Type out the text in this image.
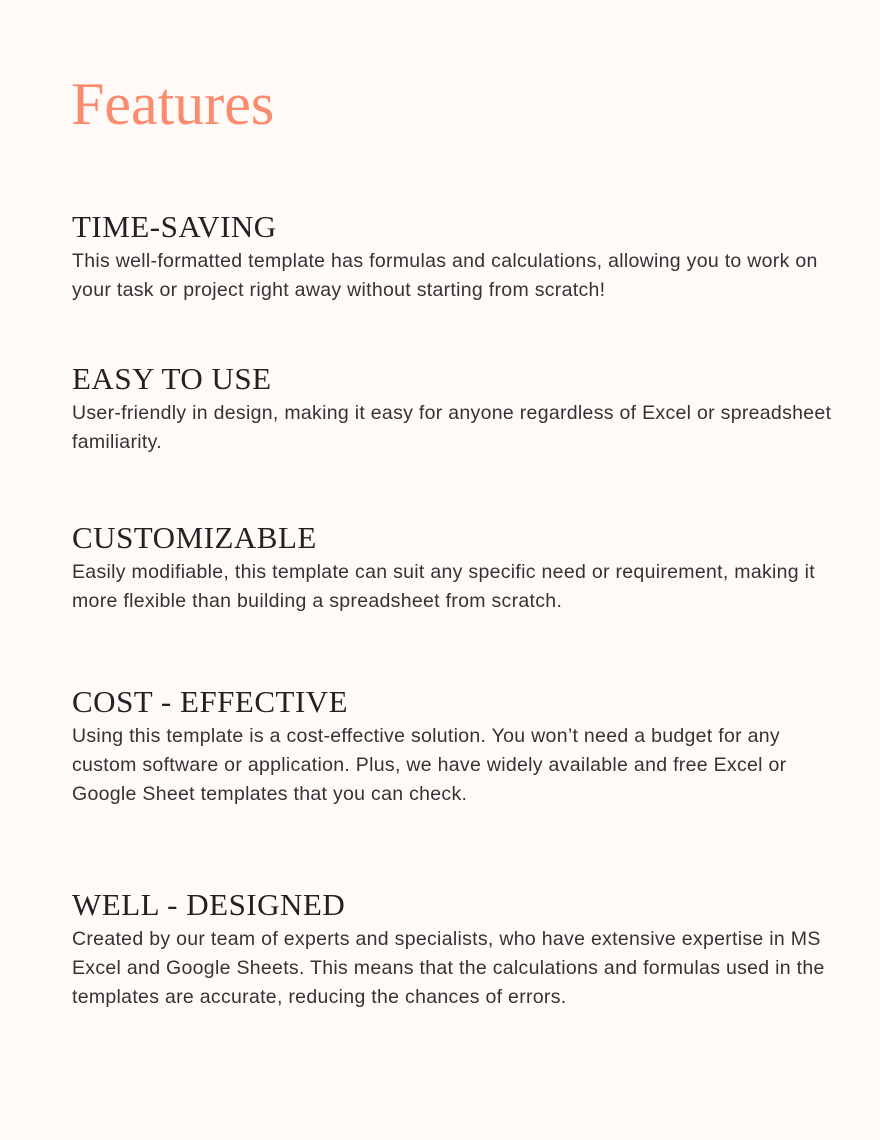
Features
TIME-SAVING

This well-formatted template has formulas and calculations, allowing you to work on your task or project right away without starting from scratch!

EASY TO USE

User-friendly in design, making it easy for anyone regardless of Excel or spreadsheet familiarity.

CUSTOMIZABLE

Easily modifiable, this template can suit any specific need or requirement, making it more flexible than building a spreadsheet from scratch.

COST - EFFECTIVE

Using this template is a cost-effective solution. You won’t need a budget for any custom software or application. Plus, we have widely available and free Excel or Google Sheet templates that you can check.

WELL - DESIGNED

Created by our team of experts and specialists, who have extensive expertise in MS Excel and Google Sheets. This means that the calculations and formulas used in the templates are accurate, reducing the chances of errors.
